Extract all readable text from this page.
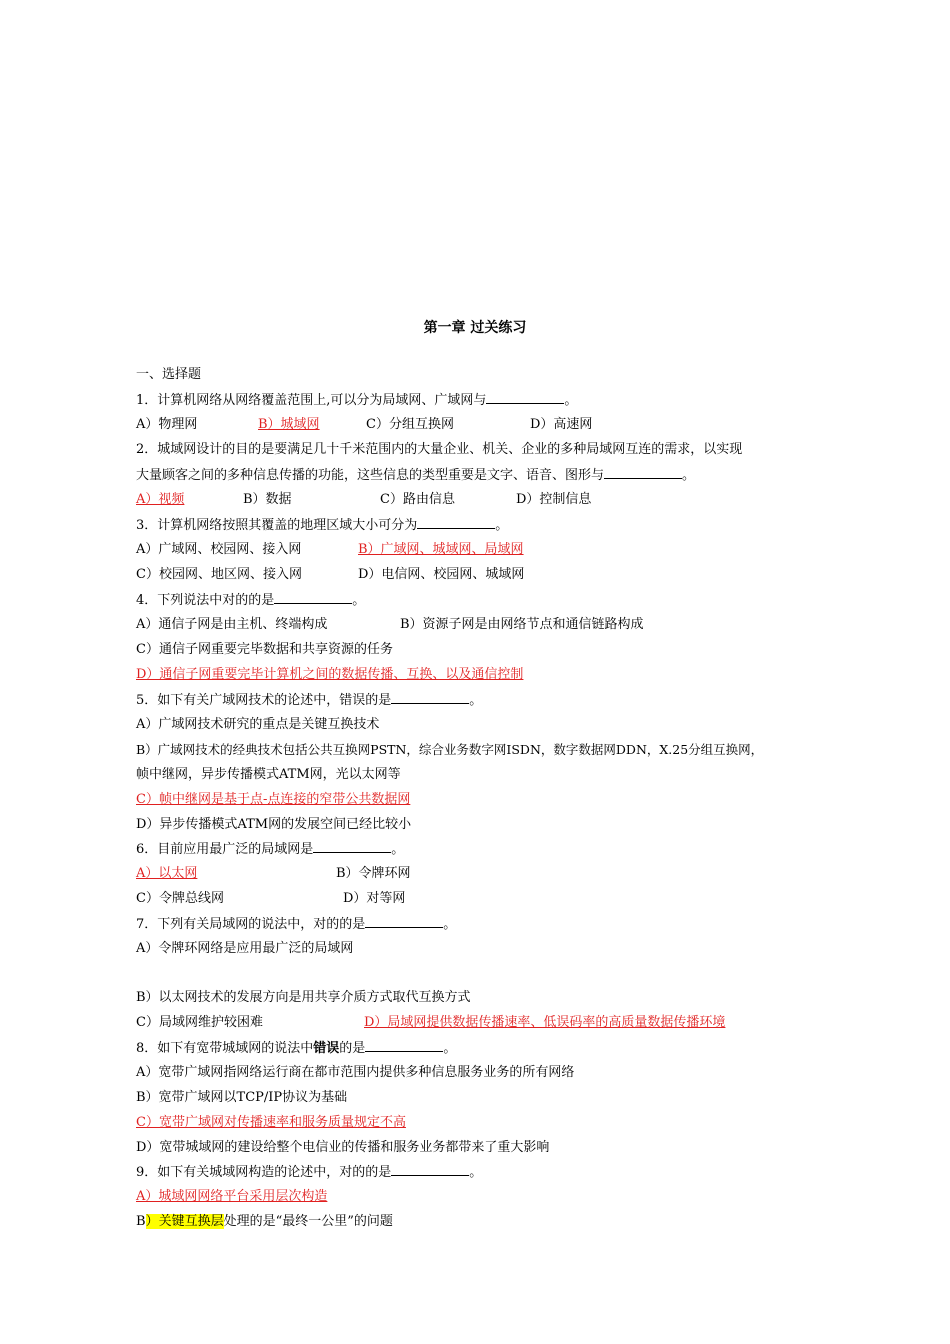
第一章 过关练习
一、选择题
1．计算机网络从网络覆盖范围上,可以分为局域网、广域网与	。
A）物理网	B）城域网	C）分组互换网	D）高速网
2．城域网设计的目的是要满足几十千米范围内的大量企业、机关、企业的多种局域网互连的需求，以实现
大量顾客之间的多种信息传播的功能，这些信息的类型重要是文字、语音、图形与	。
A）视频	B）数据	C）路由信息	D）控制信息
3．计算机网络按照其覆盖的地理区域大小可分为	。
A）广域网、校园网、接入网	B）广域网、城域网、局域网
C）校园网、地区网、接入网	D）电信网、校园网、城域网
4．下列说法中对的的是	。
A）通信子网是由主机、终端构成	B）资源子网是由网络节点和通信链路构成
C）通信子网重要完毕数据和共享资源的任务
D）通信子网重要完毕计算机之间的数据传播、互换、以及通信控制
5．如下有关广域网技术的论述中，错误的是	。
A）广域网技术研究的重点是关键互换技术
B）广域网技术的经典技术包括公共互换网PSTN，综合业务数字网ISDN，数字数据网DDN，X.25分组互换网，
帧中继网，异步传播模式ATM网，光以太网等
C）帧中继网是基于点-点连接的窄带公共数据网
D）异步传播模式ATM网的发展空间已经比较小
6．目前应用最广泛的局域网是	。
A）以太网	B）令牌环网
C）令牌总线网	D）对等网
7．下列有关局域网的说法中，对的的是	。
A）令牌环网络是应用最广泛的局域网
B）以太网技术的发展方向是用共享介质方式取代互换方式
C）局域网维护较困难	D）局域网提供数据传播速率、低误码率的高质量数据传播环境
8．如下有宽带城域网的说法中错误的是	。
A）宽带广域网指网络运行商在都市范围内提供多种信息服务业务的所有网络
B）宽带广域网以TCP/IP协议为基础
C）宽带广域网对传播速率和服务质量规定不高
D）宽带城域网的建设给整个电信业的传播和服务业务都带来了重大影响
9．如下有关城域网构造的论述中，对的的是	。
A）城域网网络平台采用层次构造
B）关键互换层处理的是“最终一公里”的问题
